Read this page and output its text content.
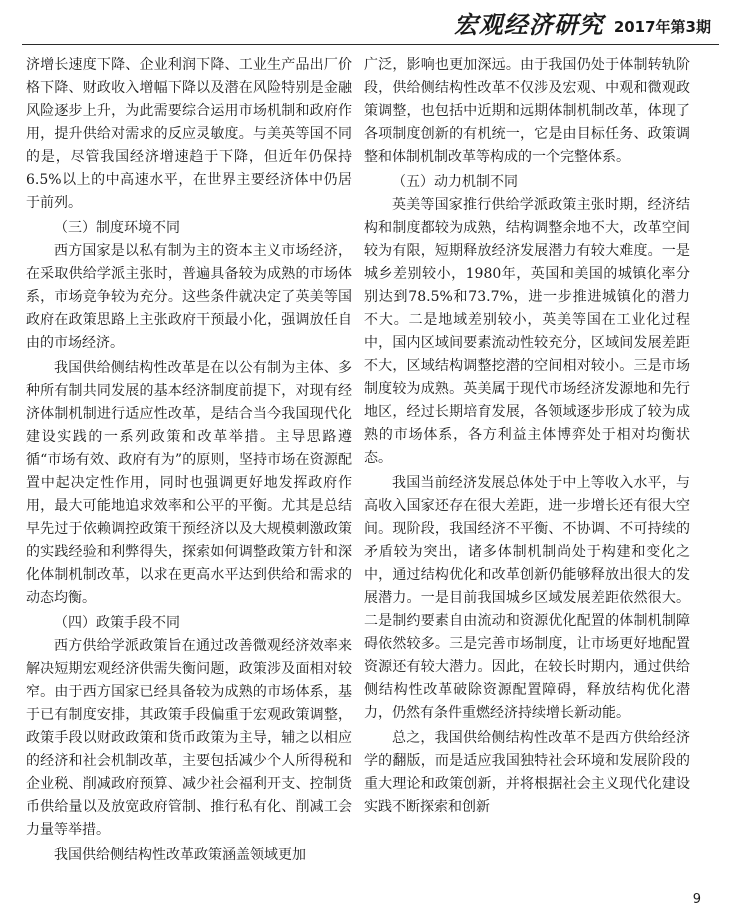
宏观经济研究 2017年第3期

济增长速度下降、企业利润下降、工业生产品出厂价格下降、财政收入增幅下降以及潜在风险特别是金融风险逐步上升，为此需要综合运用市场机制和政府作用，提升供给对需求的反应灵敏度。与美英等国不同的是，尽管我国经济增速趋于下降，但近年仍保持6.5%以上的中高速水平，在世界主要经济体中仍居于前列。

（三）制度环境不同

西方国家是以私有制为主的资本主义市场经济，在采取供给学派主张时，普遍具备较为成熟的市场体系，市场竞争较为充分。这些条件就决定了英美等国政府在政策思路上主张政府干预最小化，强调放任自由的市场经济。

我国供给侧结构性改革是在以公有制为主体、多种所有制共同发展的基本经济制度前提下，对现有经济体制机制进行适应性改革，是结合当今我国现代化建设实践的一系列政策和改革举措。主导思路遵循“市场有效、政府有为”的原则，坚持市场在资源配置中起决定性作用，同时也强调更好地发挥政府作用，最大可能地追求效率和公平的平衡。尤其是总结早先过于依赖调控政策干预经济以及大规模刺激政策的实践经验和利弊得失，探索如何调整政策方针和深化体制机制改革，以求在更高水平达到供给和需求的动态均衡。

（四）政策手段不同

西方供给学派政策旨在通过改善微观经济效率来解决短期宏观经济供需失衡问题，政策涉及面相对较窄。由于西方国家已经具备较为成熟的市场体系，基于已有制度安排，其政策手段偏重于宏观政策调整，政策手段以财政政策和货币政策为主导，辅之以相应的经济和社会机制改革，主要包括减少个人所得税和企业税、削减政府预算、减少社会福利开支、控制货币供给量以及放宽政府管制、推行私有化、削减工会力量等举措。

我国供给侧结构性改革政策涵盖领域更加

广泛，影响也更加深远。由于我国仍处于体制转轨阶段，供给侧结构性改革不仅涉及宏观、中观和微观政策调整，也包括中近期和远期体制机制改革，体现了各项制度创新的有机统一，它是由目标任务、政策调整和体制机制改革等构成的一个完整体系。

（五）动力机制不同

英美等国家推行供给学派政策主张时期，经济结构和制度都较为成熟，结构调整余地不大，改革空间较为有限，短期释放经济发展潜力有较大难度。一是城乡差别较小，1980年，英国和美国的城镇化率分别达到78.5%和73.7%，进一步推进城镇化的潜力不大。二是地域差别较小，英美等国在工业化过程中，国内区域间要素流动性较充分，区域间发展差距不大，区域结构调整挖潜的空间相对较小。三是市场制度较为成熟。英美属于现代市场经济发源地和先行地区，经过长期培育发展，各领域逐步形成了较为成熟的市场体系，各方利益主体博弈处于相对均衡状态。

我国当前经济发展总体处于中上等收入水平，与高收入国家还存在很大差距，进一步增长还有很大空间。现阶段，我国经济不平衡、不协调、不可持续的矛盾较为突出，诸多体制机制尚处于构建和变化之中，通过结构优化和改革创新仍能够释放出很大的发展潜力。一是目前我国城乡区域发展差距依然很大。二是制约要素自由流动和资源优化配置的体制机制障碍依然较多。三是完善市场制度，让市场更好地配置资源还有较大潜力。因此，在较长时期内，通过供给侧结构性改革破除资源配置障碍，释放结构优化潜力，仍然有条件重燃经济持续增长新动能。

总之，我国供给侧结构性改革不是西方供给经济学的翻版，而是适应我国独特社会环境和发展阶段的重大理论和政策创新，并将根据社会主义现代化建设实践不断探索和创新

9
